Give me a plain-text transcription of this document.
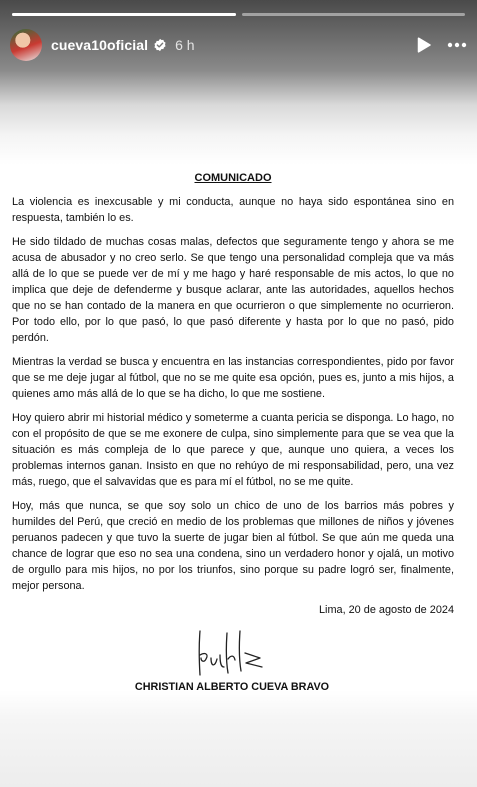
cueva10oficial 6 h
COMUNICADO

La violencia es inexcusable y mi conducta, aunque no haya sido espontánea sino en respuesta, también lo es.

He sido tildado de muchas cosas malas, defectos que seguramente tengo y ahora se me acusa de abusador y no creo serlo. Se que tengo una personalidad compleja que va más allá de lo que se puede ver de mí y me hago y haré responsable de mis actos, lo que no implica que deje de defenderme y busque aclarar, ante las autoridades, aquellos hechos que no se han contado de la manera en que ocurrieron o que simplemente no ocurrieron. Por todo ello, por lo que pasó, lo que pasó diferente y hasta por lo que no pasó, pido perdón.

Mientras la verdad se busca y encuentra en las instancias correspondientes, pido por favor que se me deje jugar al fútbol, que no se me quite esa opción, pues es, junto a mis hijos, a quienes amo más allá de lo que se ha dicho, lo que me sostiene.

Hoy quiero abrir mi historial médico y someterme a cuanta pericia se disponga. Lo hago, no con el propósito de que se me exonere de culpa, sino simplemente para que se vea que la situación es más compleja de lo que parece y que, aunque uno quiera, a veces los problemas internos ganan. Insisto en que no rehúyo de mi responsabilidad, pero, una vez más, ruego, que el salvavidas que es para mí el fútbol, no se me quite.

Hoy, más que nunca, se que soy solo un chico de uno de los barrios más pobres y humildes del Perú, que creció en medio de los problemas que millones de niños y jóvenes peruanos padecen y que tuvo la suerte de jugar bien al fútbol. Se que aún me queda una chance de lograr que eso no sea una condena, sino un verdadero honor y ojalá, un motivo de orgullo para mis hijos, no por los triunfos, sino porque su padre logró ser, finalmente, mejor persona.

Lima, 20 de agosto de 2024
CHRISTIAN ALBERTO CUEVA BRAVO
